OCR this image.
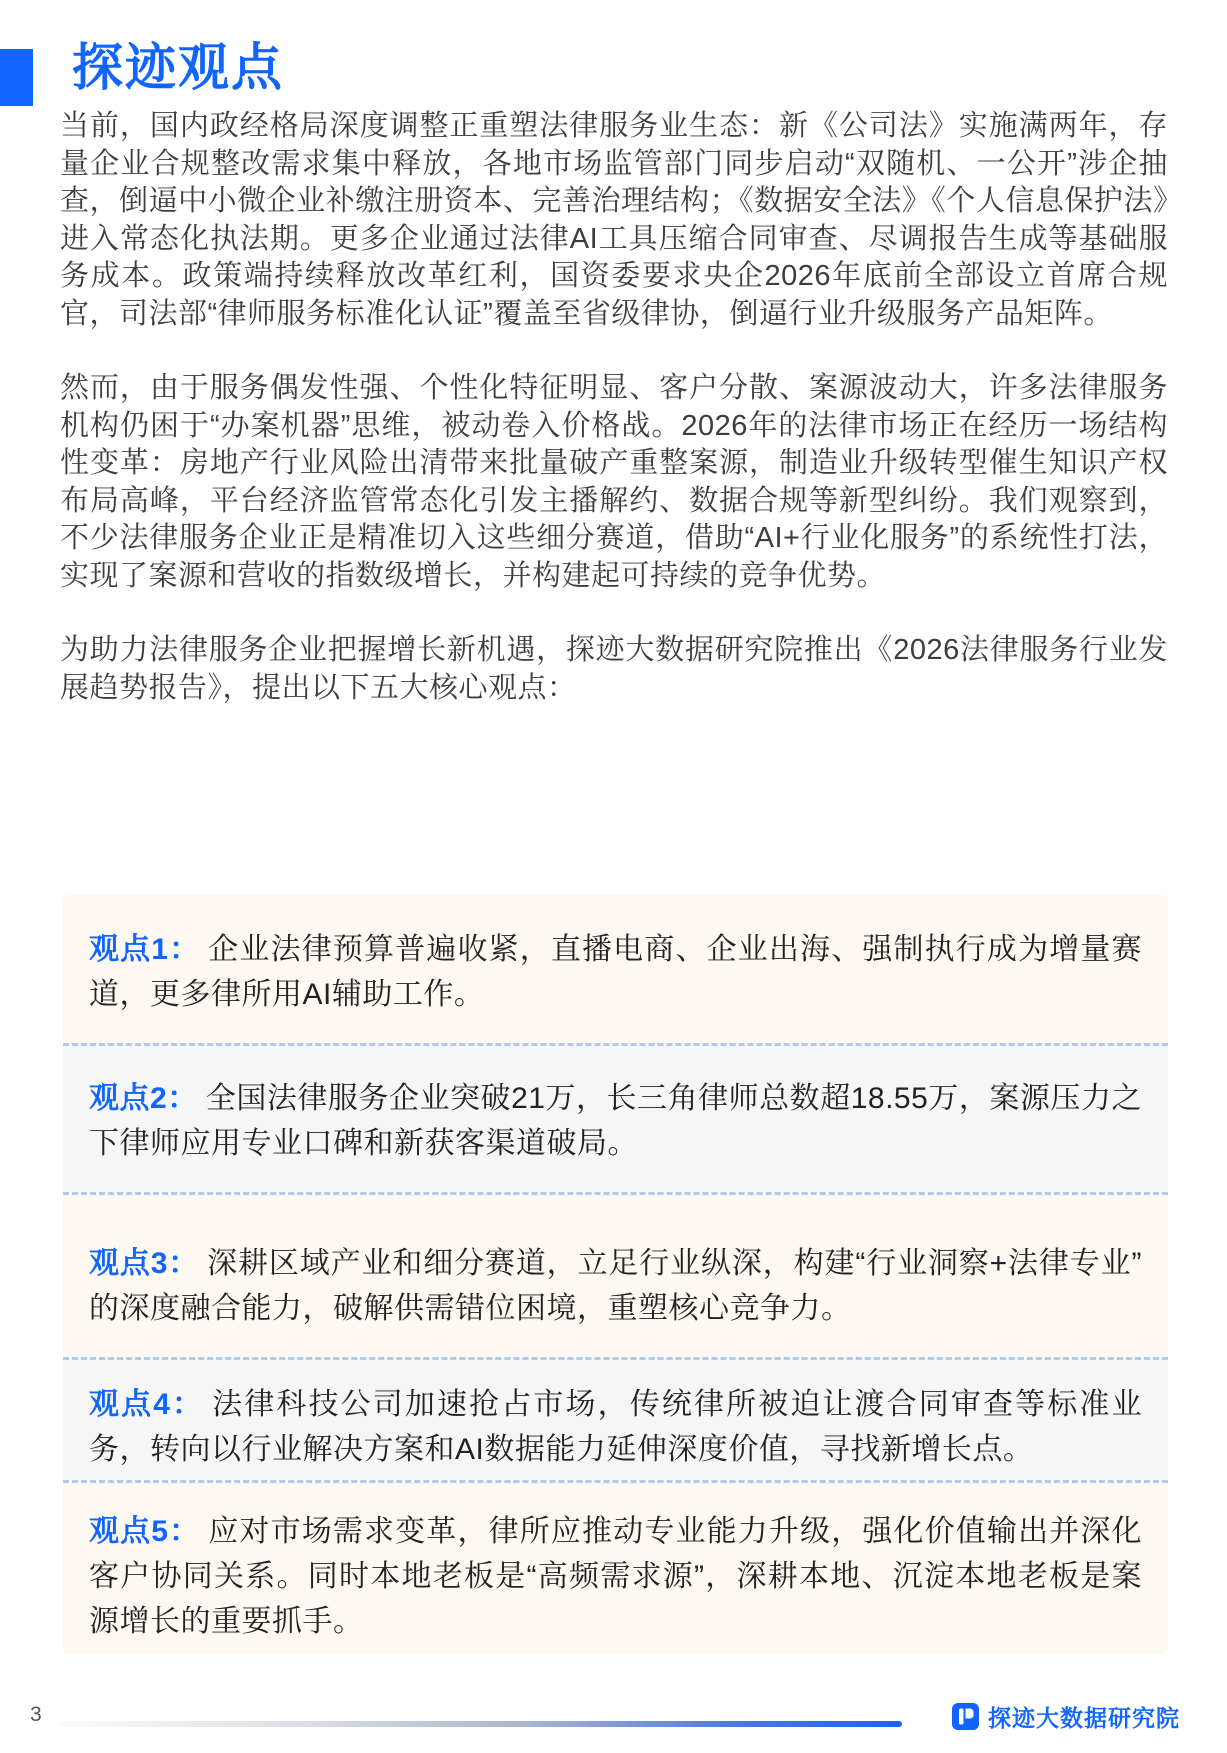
探迹观点

当前，国内政经格局深度调整正重塑法律服务业生态：新《公司法》实施满两年，存量企业合规整改需求集中释放，各地市场监管部门同步启动“双随机、一公开”涉企抽查，倒逼中小微企业补缴注册资本、完善治理结构；《数据安全法》《个人信息保护法》进入常态化执法期。更多企业通过法律AI工具压缩合同审查、尽调报告生成等基础服务成本。政策端持续释放改革红利，国资委要求央企2026年底前全部设立首席合规官，司法部“律师服务标准化认证”覆盖至省级律协，倒逼行业升级服务产品矩阵。

然而，由于服务偶发性强、个性化特征明显、客户分散、案源波动大，许多法律服务机构仍困于“办案机器”思维，被动卷入价格战。2026年的法律市场正在经历一场结构性变革：房地产行业风险出清带来批量破产重整案源，制造业升级转型催生知识产权布局高峰，平台经济监管常态化引发主播解约、数据合规等新型纠纷。我们观察到，不少法律服务企业正是精准切入这些细分赛道，借助“AI+行业化服务”的系统性打法，实现了案源和营收的指数级增长，并构建起可持续的竞争优势。

为助力法律服务企业把握增长新机遇，探迹大数据研究院推出《2026法律服务行业发展趋势报告》，提出以下五大核心观点：

观点1： 企业法律预算普遍收紧，直播电商、企业出海、强制执行成为增量赛道，更多律所用AI辅助工作。
观点2： 全国法律服务企业突破21万，长三角律师总数超18.55万，案源压力之下律师应用专业口碑和新获客渠道破局。
观点3： 深耕区域产业和细分赛道，立足行业纵深，构建“行业洞察+法律专业”的深度融合能力，破解供需错位困境，重塑核心竞争力。
观点4： 法律科技公司加速抢占市场，传统律所被迫让渡合同审查等标准业务，转向以行业解决方案和AI数据能力延伸深度价值，寻找新增长点。
观点5： 应对市场需求变革，律所应推动专业能力升级，强化价值输出并深化客户协同关系。同时本地老板是“高频需求源”，深耕本地、沉淀本地老板是案源增长的重要抓手。
3	探迹大数据研究院
